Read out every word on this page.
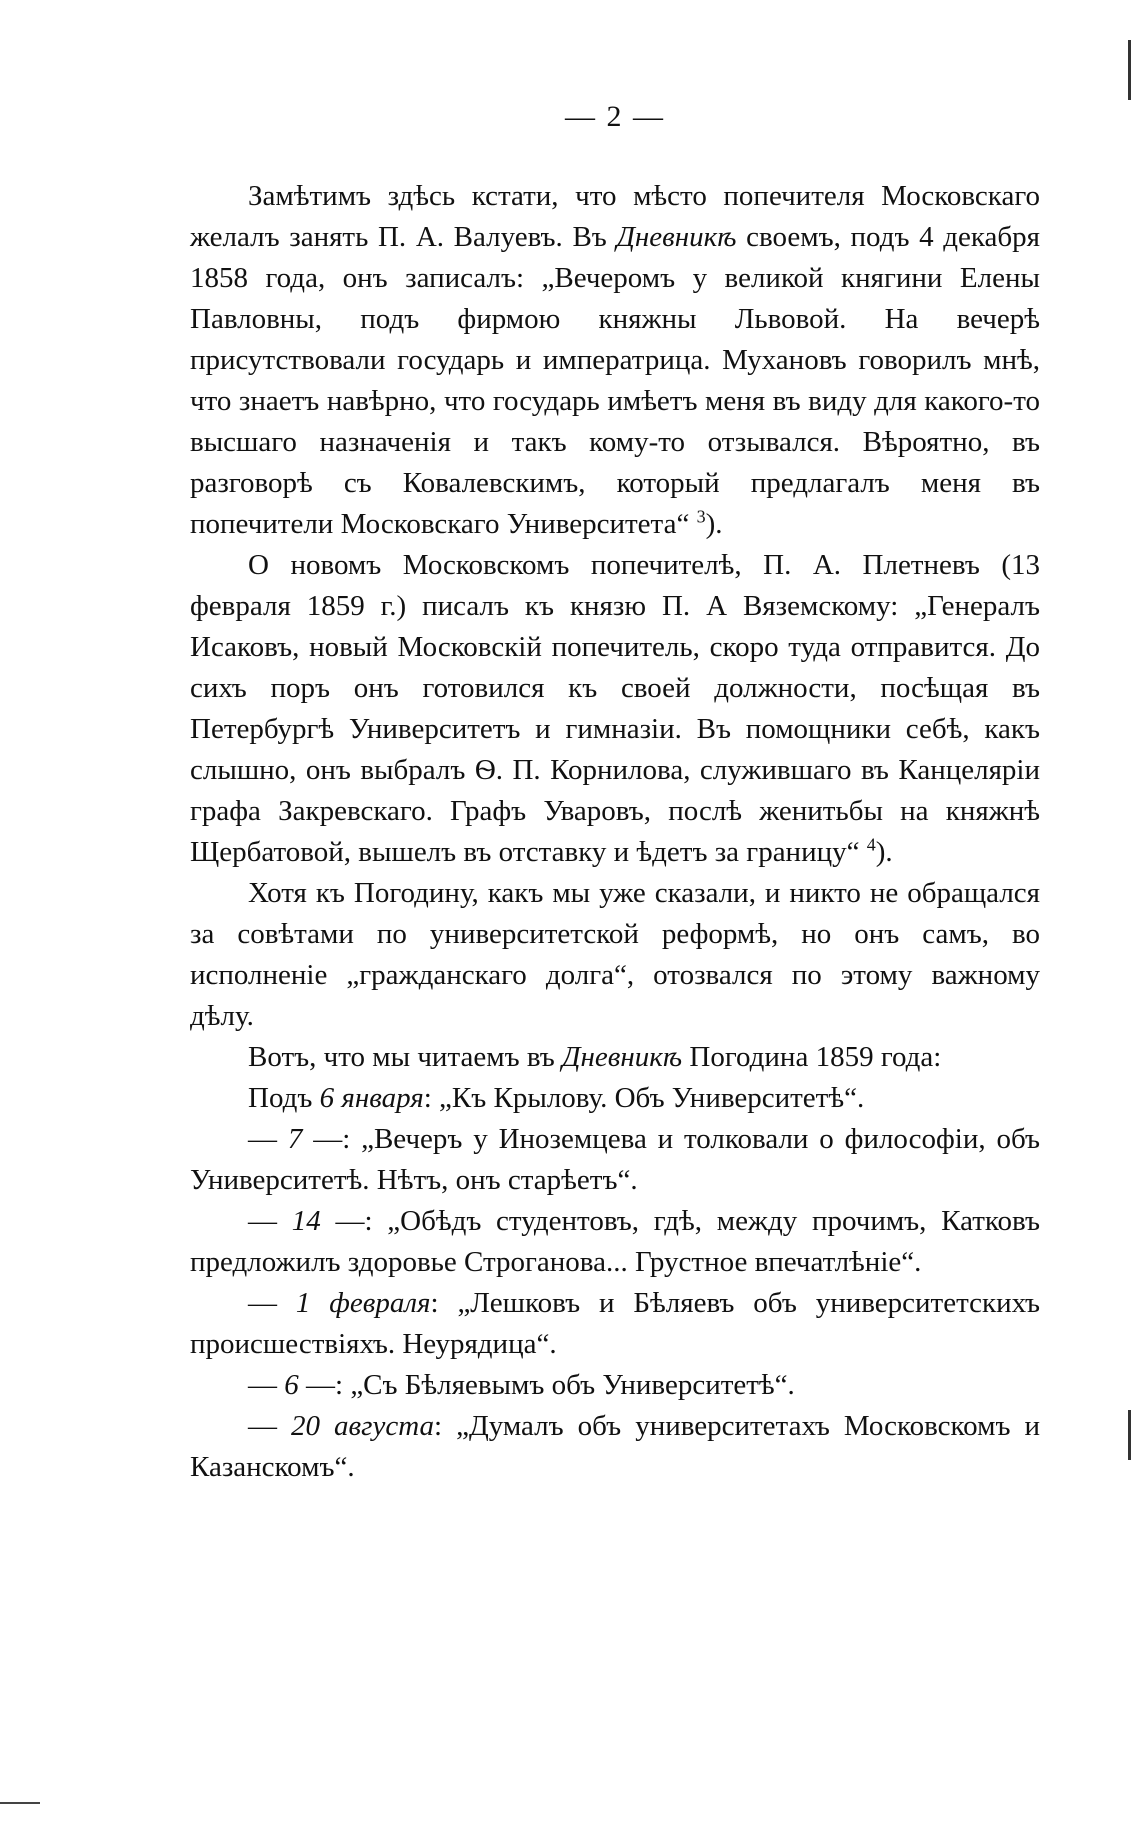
— 2 —

Замѣтимъ здѣсь кстати, что мѣсто попечителя Московскаго желалъ занять П. А. Валуевъ. Въ Дневникѣ своемъ, подъ 4 декабря 1858 года, онъ записалъ: „Вечеромъ у великой княгини Елены Павловны, подъ фирмою княжны Львовой. На вечерѣ присутствовали государь и императрица. Мухановъ говорилъ мнѣ, что знаетъ навѣрно, что государь имѣетъ меня въ виду для какого-то высшаго назначенія и такъ кому-то отзывался. Вѣроятно, въ разговорѣ съ Ковалевскимъ, который предлагалъ меня въ попечители Московскаго Университета“ $^3$).

О новомъ Московскомъ попечителѣ, П. А. Плетневъ (13 февраля 1859 г.) писалъ къ князю П. А Вяземскому: „Генералъ Исаковъ, новый Московскій попечитель, скоро туда отправится. До сихъ поръ онъ готовился къ своей должности, посѣщая въ Петербургѣ Университетъ и гимназіи. Въ помощники себѣ, какъ слышно, онъ выбралъ Ѳ. П. Корнилова, служившаго въ Канцеляріи графа Закревскаго. Графъ Уваровъ, послѣ женитьбы на княжнѣ Щербатовой, вышелъ въ отставку и ѣдетъ за границу“ $^4$).

Хотя къ Погодину, какъ мы уже сказали, и никто не обращался за совѣтами по университетской реформѣ, но онъ самъ, во исполненіе „гражданскаго долга“, отозвался по этому важному дѣлу.

Вотъ, что мы читаемъ въ Дневникѣ Погодина 1859 года:

Подъ 6 января: „Къ Крылову. Объ Университетѣ“.

— 7 —: „Вечеръ у Иноземцева и толковали о философіи, объ Университетѣ. Нѣтъ, онъ старѣетъ“.

— 14 —: „Обѣдъ студентовъ, гдѣ, между прочимъ, Катковъ предложилъ здоровье Строганова... Грустное впечатлѣніе“.

— 1 февраля: „Лешковъ и Бѣляевъ объ университетскихъ происшествіяхъ. Неурядица“.

— 6 —: „Съ Бѣляевымъ объ Университетѣ“.

— 20 августа: „Думалъ объ университетахъ Московскомъ и Казанскомъ“.
